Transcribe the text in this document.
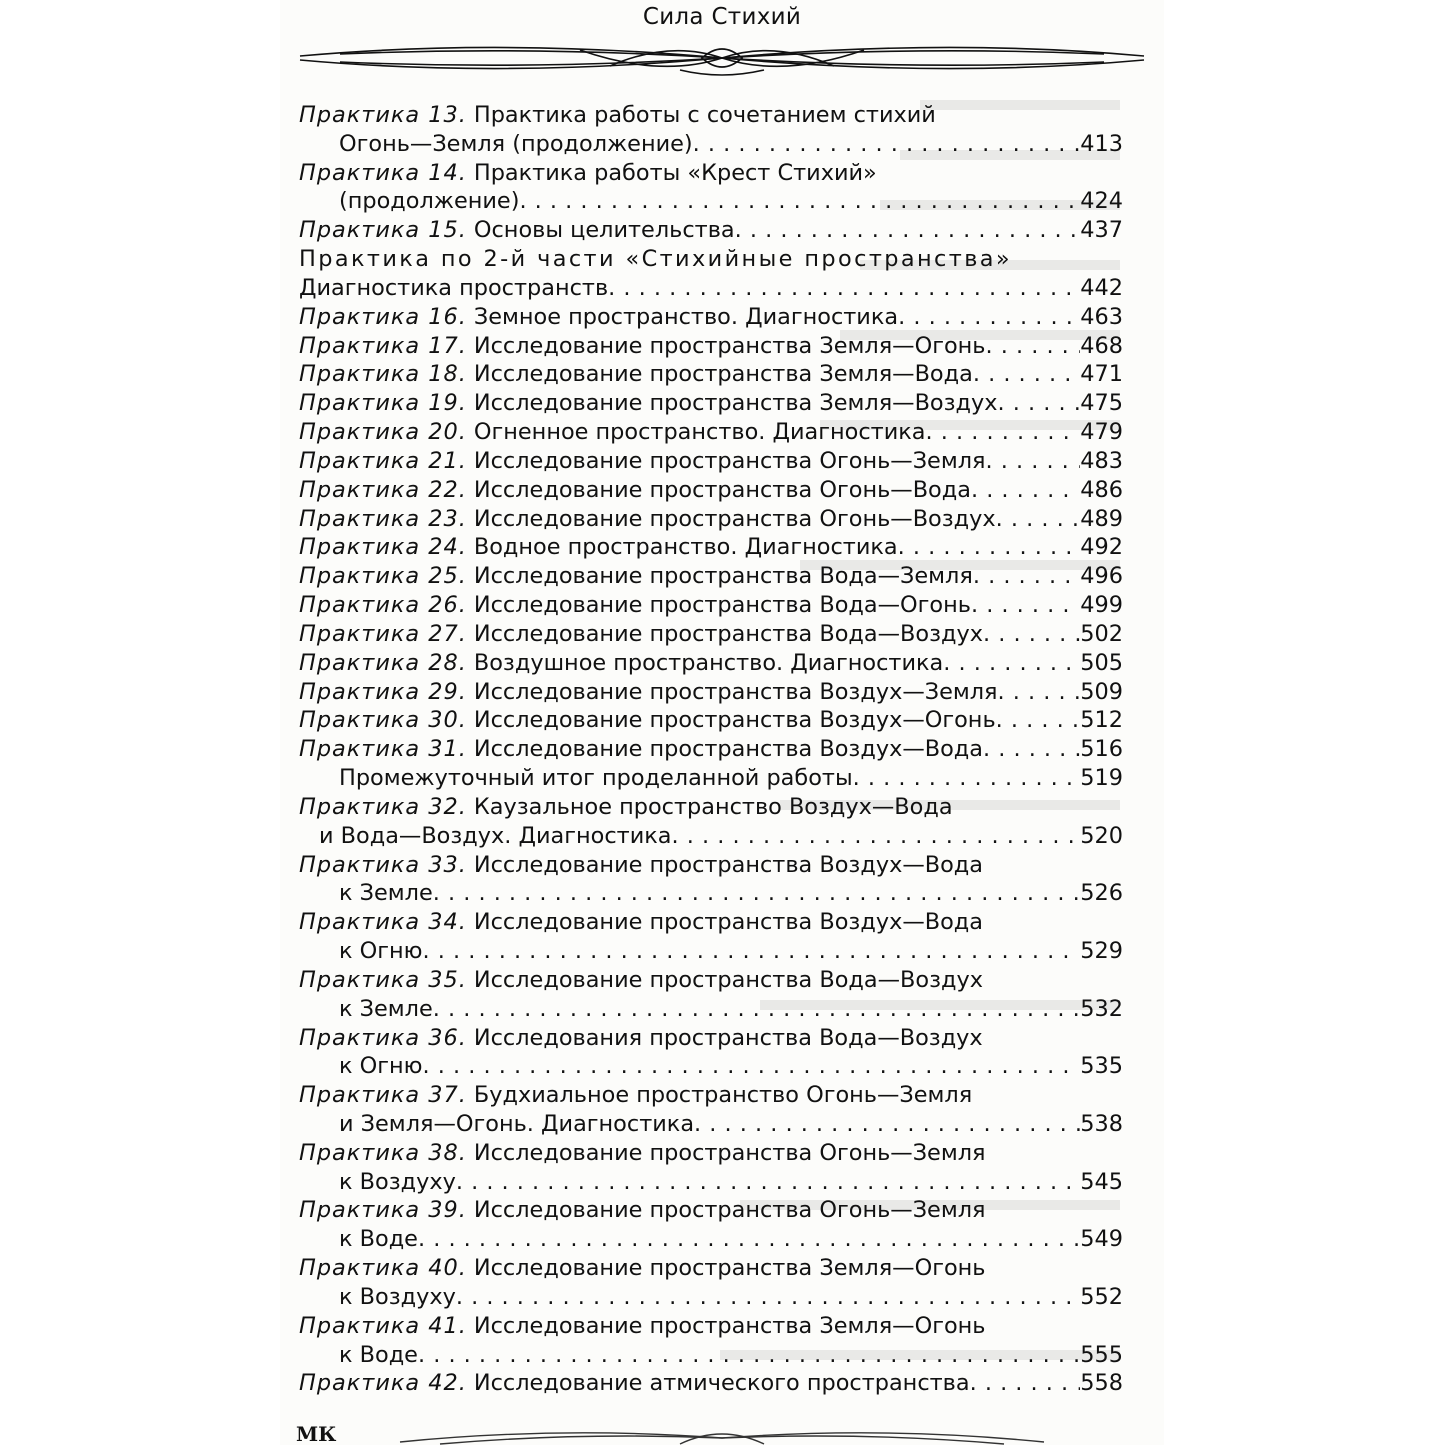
Сила Стихий
Практика 13. Практика работы с сочетанием стихий
Огонь—Земля (продолжение) . . .	413
Практика 14. Практика работы «Крест Стихий»
(продолжение) . . .	424
Практика 15. Основы целительства . . .	437
Практика по 2-й части «Стихийные пространства»
Диагностика пространств . . .	442
Практика 16. Земное пространство. Диагностика . . .	463
Практика 17. Исследование пространства Земля—Огонь . . .	468
Практика 18. Исследование пространства Земля—Вода . . .	471
Практика 19. Исследование пространства Земля—Воздух . . .	475
Практика 20. Огненное пространство. Диагностика . . .	479
Практика 21. Исследование пространства Огонь—Земля . . .	483
Практика 22. Исследование пространства Огонь—Вода . . .	486
Практика 23. Исследование пространства Огонь—Воздух . . .	489
Практика 24. Водное пространство. Диагностика . . .	492
Практика 25. Исследование пространства Вода—Земля . . .	496
Практика 26. Исследование пространства Вода—Огонь . . .	499
Практика 27. Исследование пространства Вода—Воздух . . .	502
Практика 28. Воздушное пространство. Диагностика . . .	505
Практика 29. Исследование пространства Воздух—Земля . . .	509
Практика 30. Исследование пространства Воздух—Огонь . . .	512
Практика 31. Исследование пространства Воздух—Вода . . .	516
Промежуточный итог проделанной работы . . .	519
Практика 32. Каузальное пространство Воздух—Вода
и Вода—Воздух. Диагностика . . .	520
Практика 33. Исследование пространства Воздух—Вода
к Земле . . .	526
Практика 34. Исследование пространства Воздух—Вода
к Огню . . .	529
Практика 35. Исследование пространства Вода—Воздух
к Земле . . .	532
Практика 36. Исследования пространства Вода—Воздух
к Огню . . .	535
Практика 37. Будхиальное пространство Огонь—Земля
и Земля—Огонь. Диагностика . . .	538
Практика 38. Исследование пространства Огонь—Земля
к Воздуху . . .	545
Практика 39. Исследование пространства Огонь—Земля
к Воде . . .	549
Практика 40. Исследование пространства Земля—Огонь
к Воздуху . . .	552
Практика 41. Исследование пространства Земля—Огонь
к Воде . . .	555
Практика 42. Исследование атмического пространства . . .	558
МК
